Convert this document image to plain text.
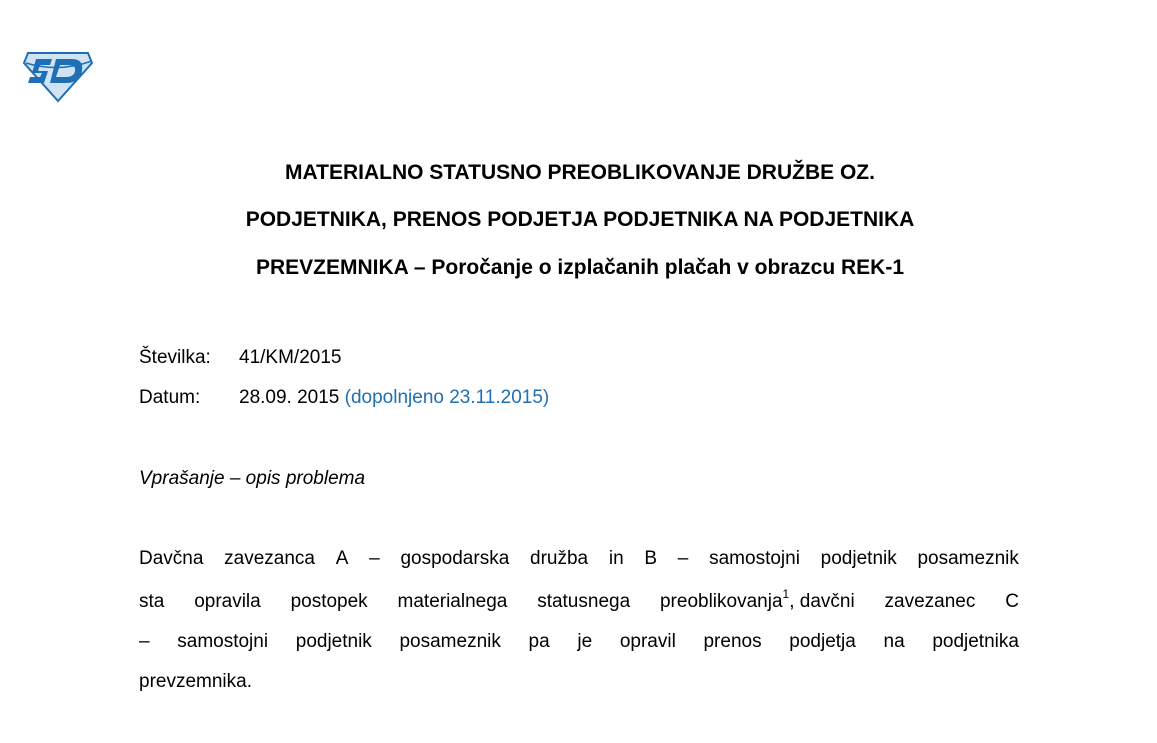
MATERIALNO STATUSNO PREOBLIKOVANJE DRUŽBE OZ.
PODJETNIKA, PRENOS PODJETJA PODJETNIKA NA PODJETNIKA
PREVZEMNIKA – Poročanje o izplačanih plačah v obrazcu REK-1
Številka: 41/KM/2015
Datum: 28.09. 2015 (dopolnjeno 23.11.2015)
Vprašanje – opis problema
Davčna zavezanca A – gospodarska družba in B – samostojni podjetnik posameznik
sta opravila postopek materialnega statusnega preoblikovanja$^1$, davčni zavezanec C
– samostojni podjetnik posameznik pa je opravil prenos podjetja na podjetnika
prevzemnika.
